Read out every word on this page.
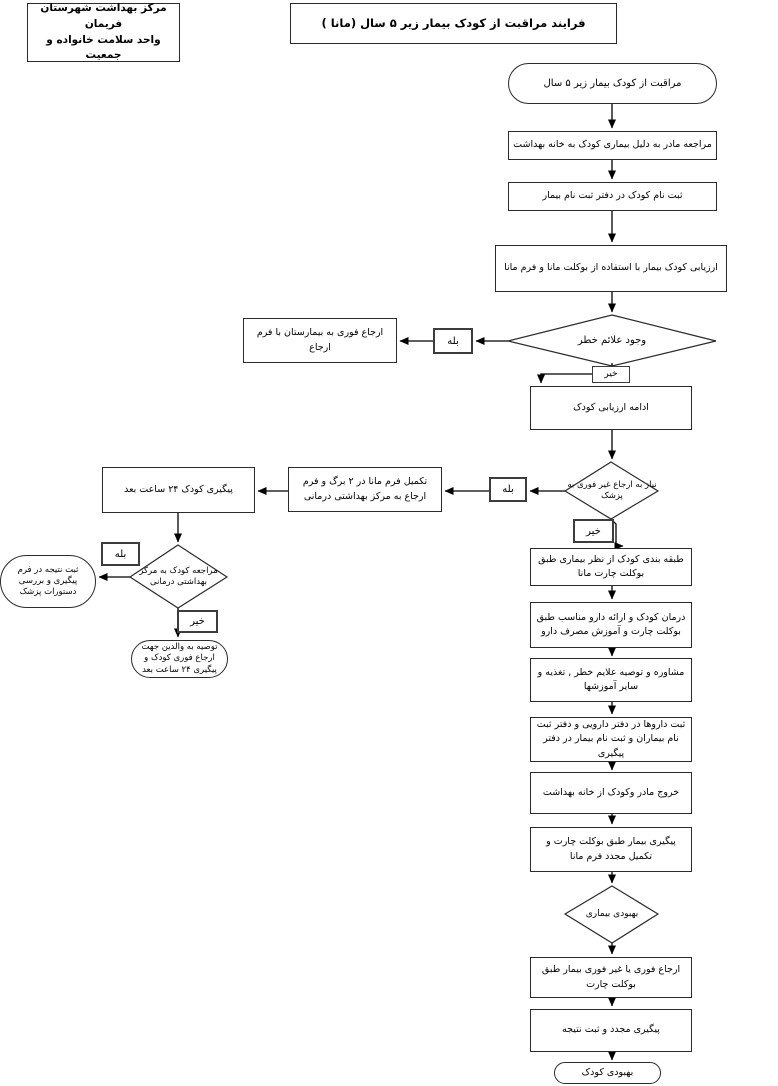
مرکز بهداشت شهرستان فریمان
واحد سلامت خانواده و جمعیت
فرایند مراقبت از کودک بیمار زیر ۵ سال (مانا )
مراقبت از کودک بیمار زیر ۵ سال
مراجعه مادر به دلیل بیماری کودک به خانه بهداشت
ثبت نام کودک در دفتر ثبت نام بیمار
ارزیابی کودک بیمار با استفاده از بوکلت مانا و فرم مانا
وجود علائم خطر
بله
ارجاع فوری به بیمارستان با فرم ارجاع
خیر
ادامه ارزیابی کودک
نیاز به ارجاع غیر فوری به پزشک
بله
تکمیل فرم مانا در ۲ برگ و فرم ارجاع به مرکز بهداشتی درمانی
پیگیری کودک ۲۴ ساعت بعد
مراجعه کودک به مرکز بهداشتی درمانی
بله
ثبت نتیجه در فرم پیگیری و بررسی دستورات پزشک
خیر
توصیه به والدین جهت ارجاع فوری کودک و پیگیری ۲۴ ساعت بعد
خیر
طبقه بندی کودک از نظر بیماری طبق بوکلت چارت مانا
درمان کودک و ارائه دارو مناسب طبق بوکلت چارت و آموزش مصرف دارو
مشاوره و توصیه علایم خطر , تغذیه و سایر آموزشها
ثبت داروها در دفتر دارویی و دفتر ثبت نام بیماران و ثبت نام بیمار در دفتر پیگیری
خروج مادر وکودک از خانه بهداشت
پیگیری بیمار طبق بوکلت چارت و تکمیل مجدد فرم مانا
بهبودی بیماری
ارجاع فوری یا غیر فوری بیمار طبق بوکلت چارت
پیگیری مجدد و ثبت نتیجه
بهبودی کودک
